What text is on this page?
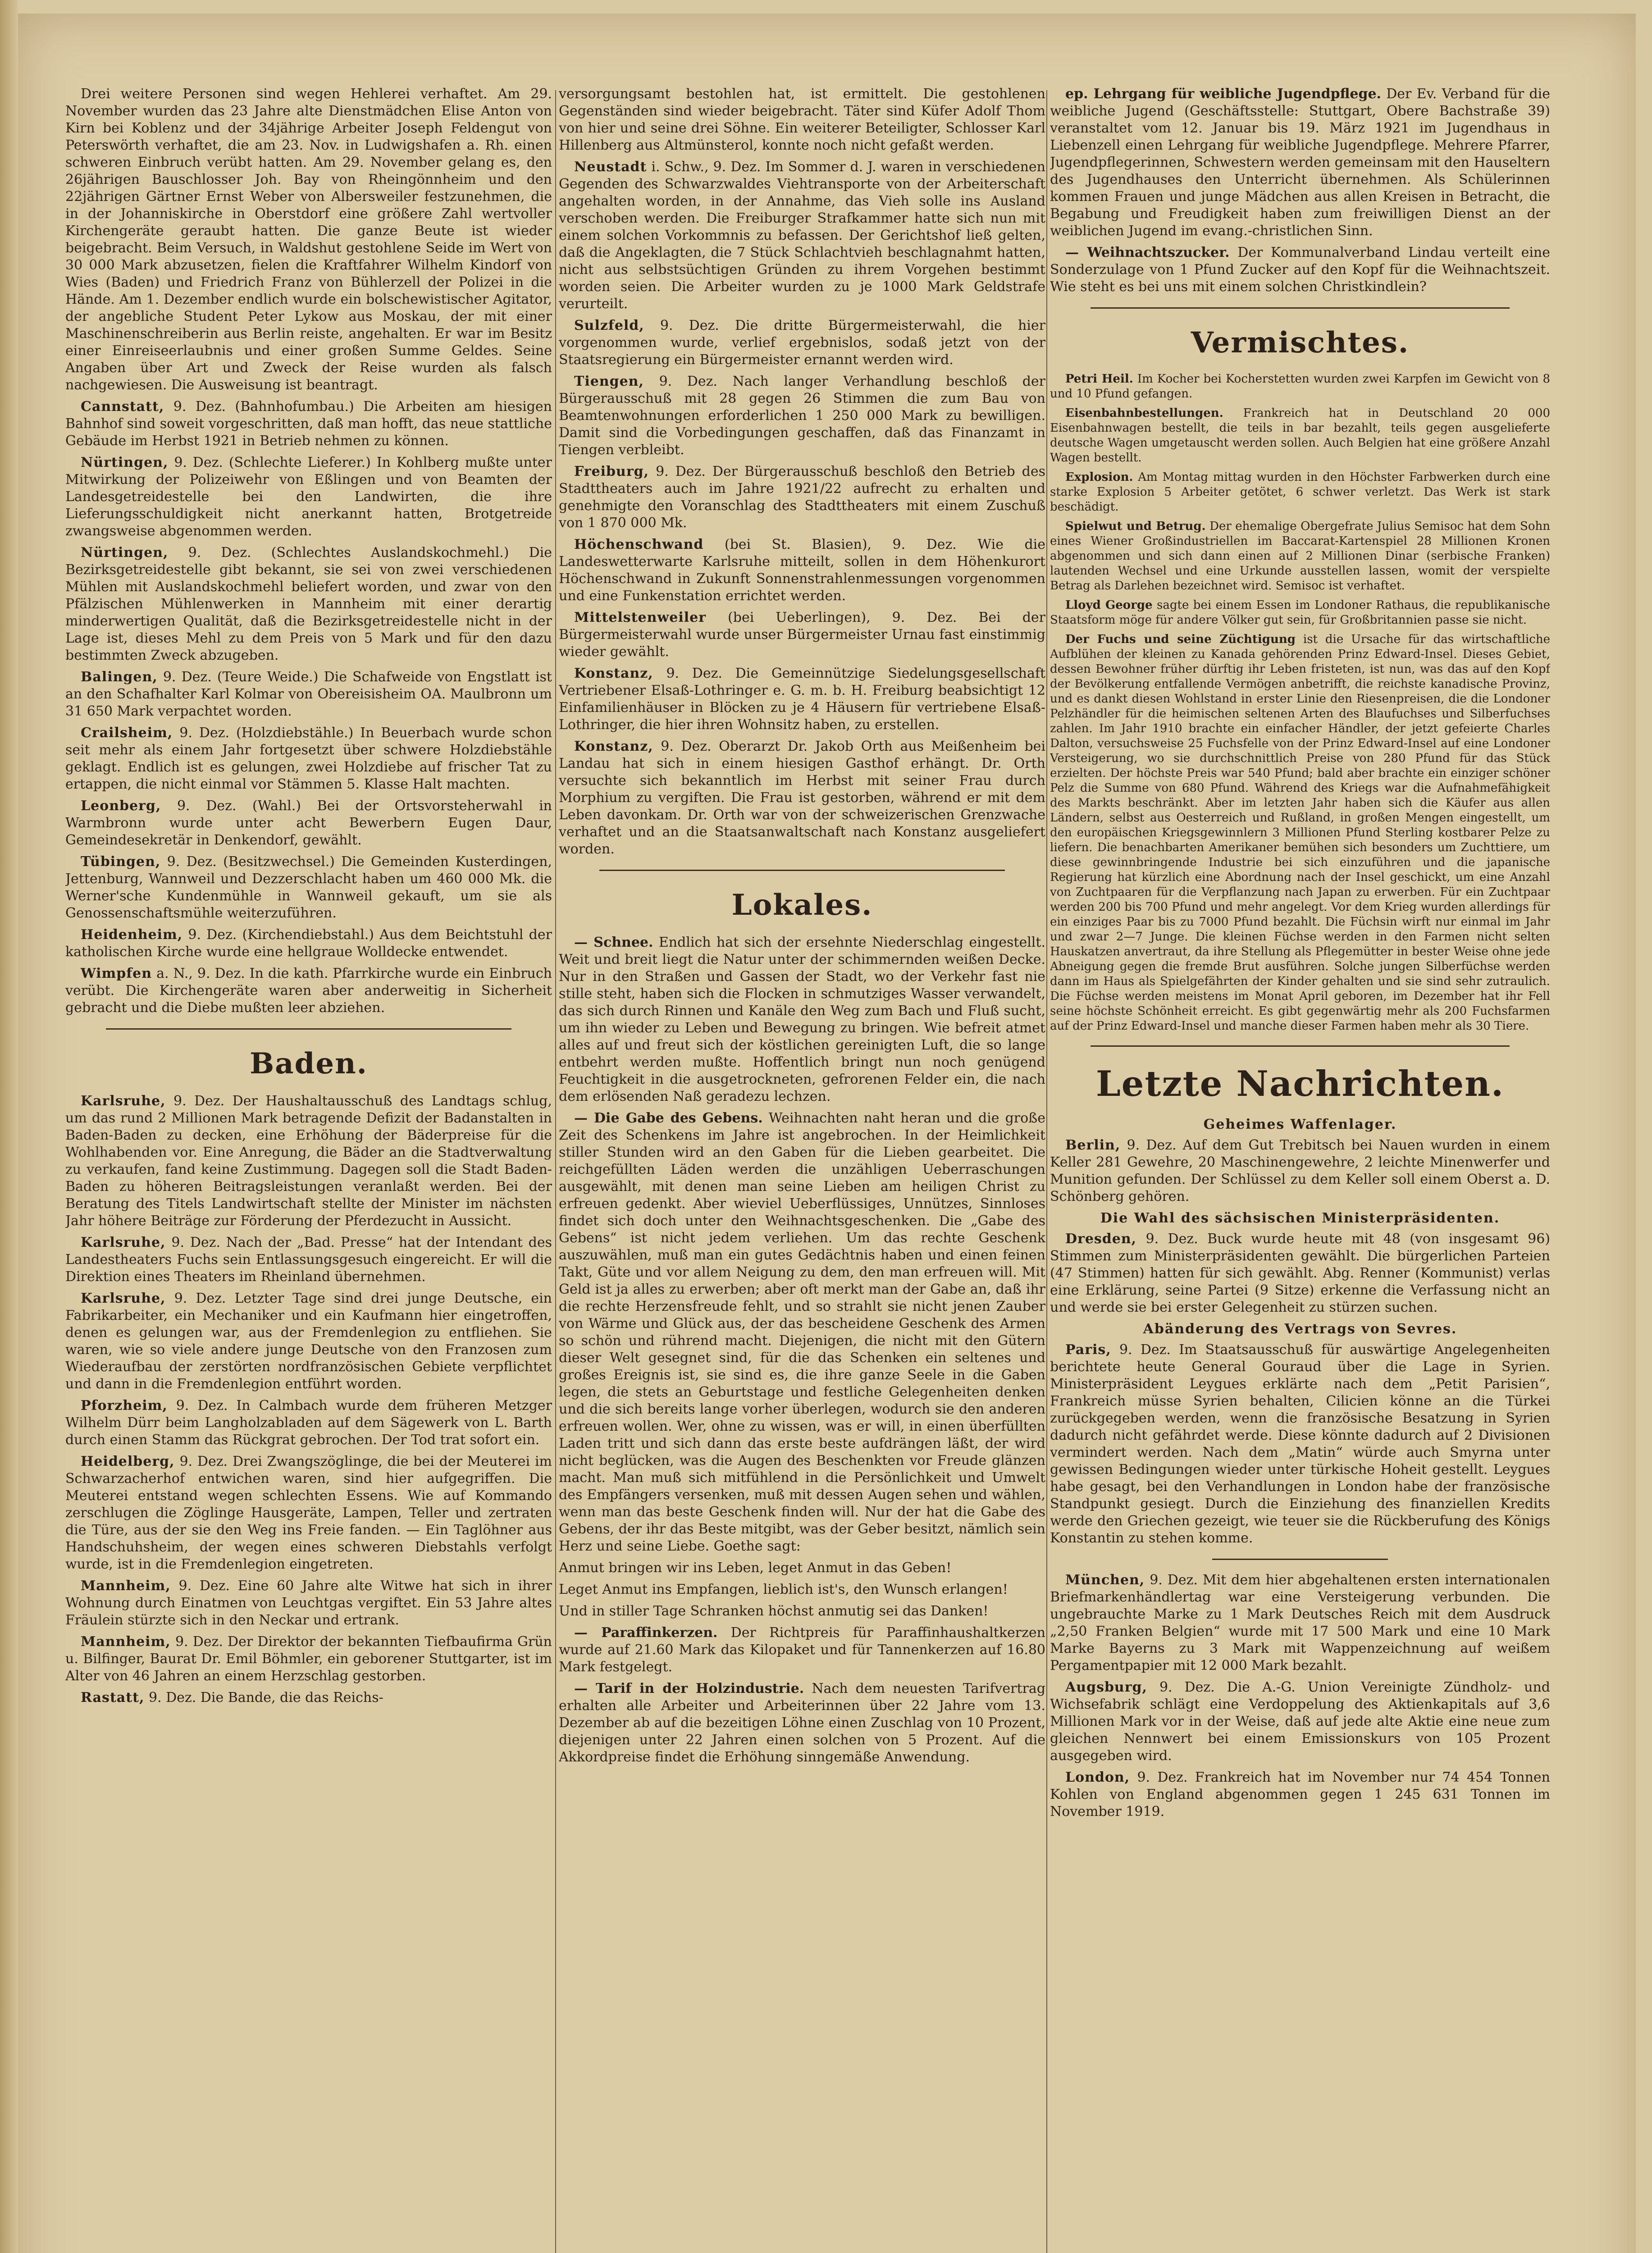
Drei weitere Personen sind wegen Hehlerei verhaftet. Am 29. November wurden das 23 Jahre alte Dienstmädchen Elise Anton von Kirn bei Koblenz und der 34jährige Arbeiter Joseph Feldengut von Peterswörth verhaftet, die am 23. Nov. in Ludwigshafen a. Rh. einen schweren Einbruch verübt hatten. Am 29. November gelang es, den 26jährigen Bauschlosser Joh. Bay von Rheingönnheim und den 22jährigen Gärtner Ernst Weber von Albersweiler festzunehmen, die in der Johanniskirche in Oberstdorf eine größere Zahl wertvoller Kirchengeräte geraubt hatten. Die ganze Beute ist wieder beigebracht. Beim Versuch, in Waldshut gestohlene Seide im Wert von 30 000 Mark abzusetzen, fielen die Kraftfahrer Wilhelm Kindorf von Wies (Baden) und Friedrich Franz von Bühlerzell der Polizei in die Hände. Am 1. Dezember endlich wurde ein bolschewistischer Agitator, der angebliche Student Peter Lykow aus Moskau, der mit einer Maschinenschreiberin aus Berlin reiste, angehalten. Er war im Besitz einer Einreiseerlaubnis und einer großen Summe Geldes. Seine Angaben über Art und Zweck der Reise wurden als falsch nachgewiesen. Die Ausweisung ist beantragt.

Cannstatt, 9. Dez. (Bahnhofumbau.) Die Arbeiten am hiesigen Bahnhof sind soweit vorgeschritten, daß man hofft, das neue stattliche Gebäude im Herbst 1921 in Betrieb nehmen zu können.

Nürtingen, 9. Dez. (Schlechte Lieferer.) In Kohlberg mußte unter Mitwirkung der Polizeiwehr von Eßlingen und von Beamten der Landesgetreidestelle bei den Landwirten, die ihre Lieferungsschuldigkeit nicht anerkannt hatten, Brotgetreide zwangsweise abgenommen werden.

Nürtingen, 9. Dez. (Schlechtes Auslandskochmehl.) Die Bezirksgetreidestelle gibt bekannt, sie sei von zwei verschiedenen Mühlen mit Auslandskochmehl beliefert worden, und zwar von den Pfälzischen Mühlenwerken in Mannheim mit einer derartig minderwertigen Qualität, daß die Bezirksgetreidestelle nicht in der Lage ist, dieses Mehl zu dem Preis von 5 Mark und für den dazu bestimmten Zweck abzugeben.

Balingen, 9. Dez. (Teure Weide.) Die Schafweide von Engstlatt ist an den Schafhalter Karl Kolmar von Obereisisheim OA. Maulbronn um 31 650 Mark verpachtet worden.

Crailsheim, 9. Dez. (Holzdiebstähle.) In Beuerbach wurde schon seit mehr als einem Jahr fortgesetzt über schwere Holzdiebstähle geklagt. Endlich ist es gelungen, zwei Holzdiebe auf frischer Tat zu ertappen, die nicht einmal vor Stämmen 5. Klasse Halt machten.

Leonberg, 9. Dez. (Wahl.) Bei der Ortsvorsteherwahl in Warmbronn wurde unter acht Bewerbern Eugen Daur, Gemeindesekretär in Denkendorf, gewählt.

Tübingen, 9. Dez. (Besitzwechsel.) Die Gemeinden Kusterdingen, Jettenburg, Wannweil und Dezzerschlacht haben um 460 000 Mk. die Werner'sche Kundenmühle in Wannweil gekauft, um sie als Genossenschaftsmühle weiterzuführen.

Heidenheim, 9. Dez. (Kirchendiebstahl.) Aus dem Beichtstuhl der katholischen Kirche wurde eine hellgraue Wolldecke entwendet.

Wimpfen a. N., 9. Dez. In die kath. Pfarrkirche wurde ein Einbruch verübt. Die Kirchengeräte waren aber anderweitig in Sicherheit gebracht und die Diebe mußten leer abziehen.

Baden.

Karlsruhe, 9. Dez. Der Haushaltausschuß des Landtags schlug, um das rund 2 Millionen Mark betragende Defizit der Badanstalten in Baden-Baden zu decken, eine Erhöhung der Bäderpreise für die Wohlhabenden vor. Eine Anregung, die Bäder an die Stadtverwaltung zu verkaufen, fand keine Zustimmung. Dagegen soll die Stadt Baden-Baden zu höheren Beitragsleistungen veranlaßt werden. Bei der Beratung des Titels Landwirtschaft stellte der Minister im nächsten Jahr höhere Beiträge zur Förderung der Pferdezucht in Aussicht.

Karlsruhe, 9. Dez. Nach der „Bad. Presse“ hat der Intendant des Landestheaters Fuchs sein Entlassungsgesuch eingereicht. Er will die Direktion eines Theaters im Rheinland übernehmen.

Karlsruhe, 9. Dez. Letzter Tage sind drei junge Deutsche, ein Fabrikarbeiter, ein Mechaniker und ein Kaufmann hier eingetroffen, denen es gelungen war, aus der Fremdenlegion zu entfliehen. Sie waren, wie so viele andere junge Deutsche von den Franzosen zum Wiederaufbau der zerstörten nordfranzösischen Gebiete verpflichtet und dann in die Fremdenlegion entführt worden.

Pforzheim, 9. Dez. In Calmbach wurde dem früheren Metzger Wilhelm Dürr beim Langholzabladen auf dem Sägewerk von L. Barth durch einen Stamm das Rückgrat gebrochen. Der Tod trat sofort ein.

Heidelberg, 9. Dez. Drei Zwangszöglinge, die bei der Meuterei im Schwarzacherhof entwichen waren, sind hier aufgegriffen. Die Meuterei entstand wegen schlechten Essens. Wie auf Kommando zerschlugen die Zöglinge Hausgeräte, Lampen, Teller und zertraten die Türe, aus der sie den Weg ins Freie fanden. — Ein Taglöhner aus Handschuhsheim, der wegen eines schweren Diebstahls verfolgt wurde, ist in die Fremdenlegion eingetreten.

Mannheim, 9. Dez. Eine 60 Jahre alte Witwe hat sich in ihrer Wohnung durch Einatmen von Leuchtgas vergiftet. Ein 53 Jahre altes Fräulein stürzte sich in den Neckar und ertrank.

Mannheim, 9. Dez. Der Direktor der bekannten Tiefbaufirma Grün u. Bilfinger, Baurat Dr. Emil Böhmler, ein geborener Stuttgarter, ist im Alter von 46 Jahren an einem Herzschlag gestorben.

Rastatt, 9. Dez. Die Bande, die das Reichs-

versorgungsamt bestohlen hat, ist ermittelt. Die gestohlenen Gegenständen sind wieder beigebracht. Täter sind Küfer Adolf Thom von hier und seine drei Söhne. Ein weiterer Beteiligter, Schlosser Karl Hillenberg aus Altmünsterol, konnte noch nicht gefaßt werden.

Neustadt i. Schw., 9. Dez. Im Sommer d. J. waren in verschiedenen Gegenden des Schwarzwaldes Viehtransporte von der Arbeiterschaft angehalten worden, in der Annahme, das Vieh solle ins Ausland verschoben werden. Die Freiburger Strafkammer hatte sich nun mit einem solchen Vorkommnis zu befassen. Der Gerichtshof ließ gelten, daß die Angeklagten, die 7 Stück Schlachtvieh beschlagnahmt hatten, nicht aus selbstsüchtigen Gründen zu ihrem Vorgehen bestimmt worden seien. Die Arbeiter wurden zu je 1000 Mark Geldstrafe verurteilt.

Sulzfeld, 9. Dez. Die dritte Bürgermeisterwahl, die hier vorgenommen wurde, verlief ergebnislos, sodaß jetzt von der Staatsregierung ein Bürgermeister ernannt werden wird.

Tiengen, 9. Dez. Nach langer Verhandlung beschloß der Bürgerausschuß mit 28 gegen 26 Stimmen die zum Bau von Beamtenwohnungen erforderlichen 1 250 000 Mark zu bewilligen. Damit sind die Vorbedingungen geschaffen, daß das Finanzamt in Tiengen verbleibt.

Freiburg, 9. Dez. Der Bürgerausschuß beschloß den Betrieb des Stadttheaters auch im Jahre 1921/22 aufrecht zu erhalten und genehmigte den Voranschlag des Stadttheaters mit einem Zuschuß von 1 870 000 Mk.

Höchenschwand (bei St. Blasien), 9. Dez. Wie die Landeswetterwarte Karlsruhe mitteilt, sollen in dem Höhenkurort Höchenschwand in Zukunft Sonnenstrahlenmessungen vorgenommen und eine Funkenstation errichtet werden.

Mittelstenweiler (bei Ueberlingen), 9. Dez. Bei der Bürgermeisterwahl wurde unser Bürgermeister Urnau fast einstimmig wieder gewählt.

Konstanz, 9. Dez. Die Gemeinnützige Siedelungsgesellschaft Vertriebener Elsaß-Lothringer e. G. m. b. H. Freiburg beabsichtigt 12 Einfamilienhäuser in Blöcken zu je 4 Häusern für vertriebene Elsaß-Lothringer, die hier ihren Wohnsitz haben, zu erstellen.

Konstanz, 9. Dez. Oberarzt Dr. Jakob Orth aus Meißenheim bei Landau hat sich in einem hiesigen Gasthof erhängt. Dr. Orth versuchte sich bekanntlich im Herbst mit seiner Frau durch Morphium zu vergiften. Die Frau ist gestorben, während er mit dem Leben davonkam. Dr. Orth war von der schweizerischen Grenzwache verhaftet und an die Staatsanwaltschaft nach Konstanz ausgeliefert worden.

Lokales.

— Schnee. Endlich hat sich der ersehnte Niederschlag eingestellt. Weit und breit liegt die Natur unter der schimmernden weißen Decke. Nur in den Straßen und Gassen der Stadt, wo der Verkehr fast nie stille steht, haben sich die Flocken in schmutziges Wasser verwandelt, das sich durch Rinnen und Kanäle den Weg zum Bach und Fluß sucht, um ihn wieder zu Leben und Bewegung zu bringen. Wie befreit atmet alles auf und freut sich der köstlichen gereinigten Luft, die so lange entbehrt werden mußte. Hoffentlich bringt nun noch genügend Feuchtigkeit in die ausgetrockneten, gefrorenen Felder ein, die nach dem erlösenden Naß geradezu lechzen.

— Die Gabe des Gebens. Weihnachten naht heran und die große Zeit des Schenkens im Jahre ist angebrochen. In der Heimlichkeit stiller Stunden wird an den Gaben für die Lieben gearbeitet. Die reichgefüllten Läden werden die unzähligen Ueberraschungen ausgewählt, mit denen man seine Lieben am heiligen Christ zu erfreuen gedenkt. Aber wieviel Ueberflüssiges, Unnützes, Sinnloses findet sich doch unter den Weihnachtsgeschenken. Die „Gabe des Gebens“ ist nicht jedem verliehen. Um das rechte Geschenk auszuwählen, muß man ein gutes Gedächtnis haben und einen feinen Takt, Güte und vor allem Neigung zu dem, den man erfreuen will. Mit Geld ist ja alles zu erwerben; aber oft merkt man der Gabe an, daß ihr die rechte Herzensfreude fehlt, und so strahlt sie nicht jenen Zauber von Wärme und Glück aus, der das bescheidene Geschenk des Armen so schön und rührend macht. Diejenigen, die nicht mit den Gütern dieser Welt gesegnet sind, für die das Schenken ein seltenes und großes Ereignis ist, sie sind es, die ihre ganze Seele in die Gaben legen, die stets an Geburtstage und festliche Gelegenheiten denken und die sich bereits lange vorher überlegen, wodurch sie den anderen erfreuen wollen. Wer, ohne zu wissen, was er will, in einen überfüllten Laden tritt und sich dann das erste beste aufdrängen läßt, der wird nicht beglücken, was die Augen des Beschenkten vor Freude glänzen macht. Man muß sich mitfühlend in die Persönlichkeit und Umwelt des Empfängers versenken, muß mit dessen Augen sehen und wählen, wenn man das beste Geschenk finden will. Nur der hat die Gabe des Gebens, der ihr das Beste mitgibt, was der Geber besitzt, nämlich sein Herz und seine Liebe. Goethe sagt:

Anmut bringen wir ins Leben, leget Anmut in das Geben!

Leget Anmut ins Empfangen, lieblich ist's, den Wunsch erlangen!

Und in stiller Tage Schranken höchst anmutig sei das Danken!

— Paraffinkerzen. Der Richtpreis für Paraffinhaushaltkerzen wurde auf 21.60 Mark das Kilopaket und für Tannenkerzen auf 16.80 Mark festgelegt.

— Tarif in der Holzindustrie. Nach dem neuesten Tarifvertrag erhalten alle Arbeiter und Arbeiterinnen über 22 Jahre vom 13. Dezember ab auf die bezeitigen Löhne einen Zuschlag von 10 Prozent, diejenigen unter 22 Jahren einen solchen von 5 Prozent. Auf die Akkordpreise findet die Erhöhung sinngemäße Anwendung.

ep. Lehrgang für weibliche Jugendpflege. Der Ev. Verband für die weibliche Jugend (Geschäftsstelle: Stuttgart, Obere Bachstraße 39) veranstaltet vom 12. Januar bis 19. März 1921 im Jugendhaus in Liebenzell einen Lehrgang für weibliche Jugendpflege. Mehrere Pfarrer, Jugendpflegerinnen, Schwestern werden gemeinsam mit den Hauseltern des Jugendhauses den Unterricht übernehmen. Als Schülerinnen kommen Frauen und junge Mädchen aus allen Kreisen in Betracht, die Begabung und Freudigkeit haben zum freiwilligen Dienst an der weiblichen Jugend im evang.-christlichen Sinn.

— Weihnachtszucker. Der Kommunalverband Lindau verteilt eine Sonderzulage von 1 Pfund Zucker auf den Kopf für die Weihnachtszeit. Wie steht es bei uns mit einem solchen Christkindlein?

Vermischtes.

Petri Heil. Im Kocher bei Kocherstetten wurden zwei Karpfen im Gewicht von 8 und 10 Pfund gefangen.

Eisenbahnbestellungen. Frankreich hat in Deutschland 20 000 Eisenbahnwagen bestellt, die teils in bar bezahlt, teils gegen ausgelieferte deutsche Wagen umgetauscht werden sollen. Auch Belgien hat eine größere Anzahl Wagen bestellt.

Explosion. Am Montag mittag wurden in den Höchster Farbwerken durch eine starke Explosion 5 Arbeiter getötet, 6 schwer verletzt. Das Werk ist stark beschädigt.

Spielwut und Betrug. Der ehemalige Obergefrate Julius Semisoc hat dem Sohn eines Wiener Großindustriellen im Baccarat-Kartenspiel 28 Millionen Kronen abgenommen und sich dann einen auf 2 Millionen Dinar (serbische Franken) lautenden Wechsel und eine Urkunde ausstellen lassen, womit der verspielte Betrag als Darlehen bezeichnet wird. Semisoc ist verhaftet.

Lloyd George sagte bei einem Essen im Londoner Rathaus, die republikanische Staatsform möge für andere Völker gut sein, für Großbritannien passe sie nicht.

Der Fuchs und seine Züchtigung ist die Ursache für das wirtschaftliche Aufblühen der kleinen zu Kanada gehörenden Prinz Edward-Insel. Dieses Gebiet, dessen Bewohner früher dürftig ihr Leben fristeten, ist nun, was das auf den Kopf der Bevölkerung entfallende Vermögen anbetrifft, die reichste kanadische Provinz, und es dankt diesen Wohlstand in erster Linie den Riesenpreisen, die die Londoner Pelzhändler für die heimischen seltenen Arten des Blaufuchses und Silberfuchses zahlen. Im Jahr 1910 brachte ein einfacher Händler, der jetzt gefeierte Charles Dalton, versuchsweise 25 Fuchsfelle von der Prinz Edward-Insel auf eine Londoner Versteigerung, wo sie durchschnittlich Preise von 280 Pfund für das Stück erzielten. Der höchste Preis war 540 Pfund; bald aber brachte ein einziger schöner Pelz die Summe von 680 Pfund. Während des Kriegs war die Aufnahmefähigkeit des Markts beschränkt. Aber im letzten Jahr haben sich die Käufer aus allen Ländern, selbst aus Oesterreich und Rußland, in großen Mengen eingestellt, um den europäischen Kriegsgewinnlern 3 Millionen Pfund Sterling kostbarer Pelze zu liefern. Die benachbarten Amerikaner bemühen sich besonders um Zuchttiere, um diese gewinnbringende Industrie bei sich einzuführen und die japanische Regierung hat kürzlich eine Abordnung nach der Insel geschickt, um eine Anzahl von Zuchtpaaren für die Verpflanzung nach Japan zu erwerben. Für ein Zuchtpaar werden 200 bis 700 Pfund und mehr angelegt. Vor dem Krieg wurden allerdings für ein einziges Paar bis zu 7000 Pfund bezahlt. Die Füchsin wirft nur einmal im Jahr und zwar 2—7 Junge. Die kleinen Füchse werden in den Farmen nicht selten Hauskatzen anvertraut, da ihre Stellung als Pflegemütter in bester Weise ohne jede Abneigung gegen die fremde Brut ausführen. Solche jungen Silberfüchse werden dann im Haus als Spielgefährten der Kinder gehalten und sie sind sehr zutraulich. Die Füchse werden meistens im Monat April geboren, im Dezember hat ihr Fell seine höchste Schönheit erreicht. Es gibt gegenwärtig mehr als 200 Fuchsfarmen auf der Prinz Edward-Insel und manche dieser Farmen haben mehr als 30 Tiere.

Letzte Nachrichten.

Geheimes Waffenlager.

Berlin, 9. Dez. Auf dem Gut Trebitsch bei Nauen wurden in einem Keller 281 Gewehre, 20 Maschinengewehre, 2 leichte Minenwerfer und Munition gefunden. Der Schlüssel zu dem Keller soll einem Oberst a. D. Schönberg gehören.

Die Wahl des sächsischen Ministerpräsidenten.

Dresden, 9. Dez. Buck wurde heute mit 48 (von insgesamt 96) Stimmen zum Ministerpräsidenten gewählt. Die bürgerlichen Parteien (47 Stimmen) hatten für sich gewählt. Abg. Renner (Kommunist) verlas eine Erklärung, seine Partei (9 Sitze) erkenne die Verfassung nicht an und werde sie bei erster Gelegenheit zu stürzen suchen.

Abänderung des Vertrags von Sevres.

Paris, 9. Dez. Im Staatsausschuß für auswärtige Angelegenheiten berichtete heute General Gouraud über die Lage in Syrien. Ministerpräsident Leygues erklärte nach dem „Petit Parisien“, Frankreich müsse Syrien behalten, Cilicien könne an die Türkei zurückgegeben werden, wenn die französische Besatzung in Syrien dadurch nicht gefährdet werde. Diese könnte dadurch auf 2 Divisionen vermindert werden. Nach dem „Matin“ würde auch Smyrna unter gewissen Bedingungen wieder unter türkische Hoheit gestellt. Leygues habe gesagt, bei den Verhandlungen in London habe der französische Standpunkt gesiegt. Durch die Einziehung des finanziellen Kredits werde den Griechen gezeigt, wie teuer sie die Rückberufung des Königs Konstantin zu stehen komme.

München, 9. Dez. Mit dem hier abgehaltenen ersten internationalen Briefmarkenhändlertag war eine Versteigerung verbunden. Die ungebrauchte Marke zu 1 Mark Deutsches Reich mit dem Ausdruck „2,50 Franken Belgien“ wurde mit 17 500 Mark und eine 10 Mark Marke Bayerns zu 3 Mark mit Wappenzeichnung auf weißem Pergamentpapier mit 12 000 Mark bezahlt.

Augsburg, 9. Dez. Die A.-G. Union Vereinigte Zündholz- und Wichsefabrik schlägt eine Verdoppelung des Aktienkapitals auf 3,6 Millionen Mark vor in der Weise, daß auf jede alte Aktie eine neue zum gleichen Nennwert bei einem Emissionskurs von 105 Prozent ausgegeben wird.

London, 9. Dez. Frankreich hat im November nur 74 454 Tonnen Kohlen von England abgenommen gegen 1 245 631 Tonnen im November 1919.
